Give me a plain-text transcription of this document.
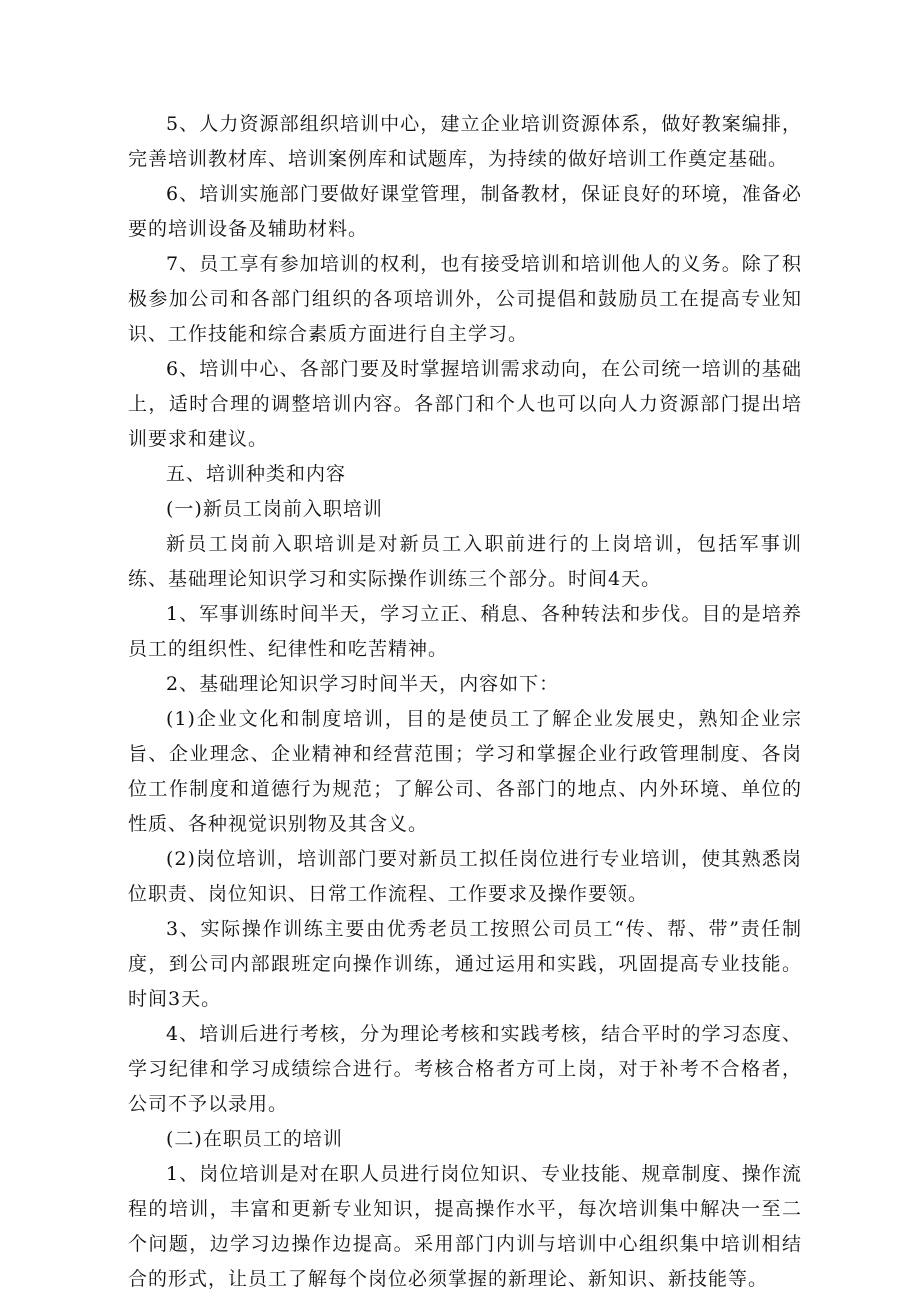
5、人力资源部组织培训中心，建立企业培训资源体系，做好教案编排，完善培训教材库、培训案例库和试题库，为持续的做好培训工作奠定基础。

6、培训实施部门要做好课堂管理，制备教材，保证良好的环境，准备必要的培训设备及辅助材料。

7、员工享有参加培训的权利，也有接受培训和培训他人的义务。除了积极参加公司和各部门组织的各项培训外，公司提倡和鼓励员工在提高专业知识、工作技能和综合素质方面进行自主学习。

6、培训中心、各部门要及时掌握培训需求动向，在公司统一培训的基础上，适时合理的调整培训内容。各部门和个人也可以向人力资源部门提出培训要求和建议。

五、培训种类和内容

(一)新员工岗前入职培训

新员工岗前入职培训是对新员工入职前进行的上岗培训，包括军事训练、基础理论知识学习和实际操作训练三个部分。时间4天。

1、军事训练时间半天，学习立正、稍息、各种转法和步伐。目的是培养员工的组织性、纪律性和吃苦精神。

2、基础理论知识学习时间半天，内容如下：

(1)企业文化和制度培训，目的是使员工了解企业发展史，熟知企业宗旨、企业理念、企业精神和经营范围；学习和掌握企业行政管理制度、各岗位工作制度和道德行为规范；了解公司、各部门的地点、内外环境、单位的性质、各种视觉识别物及其含义。

(2)岗位培训，培训部门要对新员工拟任岗位进行专业培训，使其熟悉岗位职责、岗位知识、日常工作流程、工作要求及操作要领。

3、实际操作训练主要由优秀老员工按照公司员工“传、帮、带”责任制度，到公司内部跟班定向操作训练，通过运用和实践，巩固提高专业技能。时间3天。

4、培训后进行考核，分为理论考核和实践考核，结合平时的学习态度、学习纪律和学习成绩综合进行。考核合格者方可上岗，对于补考不合格者，公司不予以录用。

(二)在职员工的培训

1、岗位培训是对在职人员进行岗位知识、专业技能、规章制度、操作流程的培训，丰富和更新专业知识，提高操作水平，每次培训集中解决一至二个问题，边学习边操作边提高。采用部门内训与培训中心组织集中培训相结合的形式，让员工了解每个岗位必须掌握的新理论、新知识、新技能等。
